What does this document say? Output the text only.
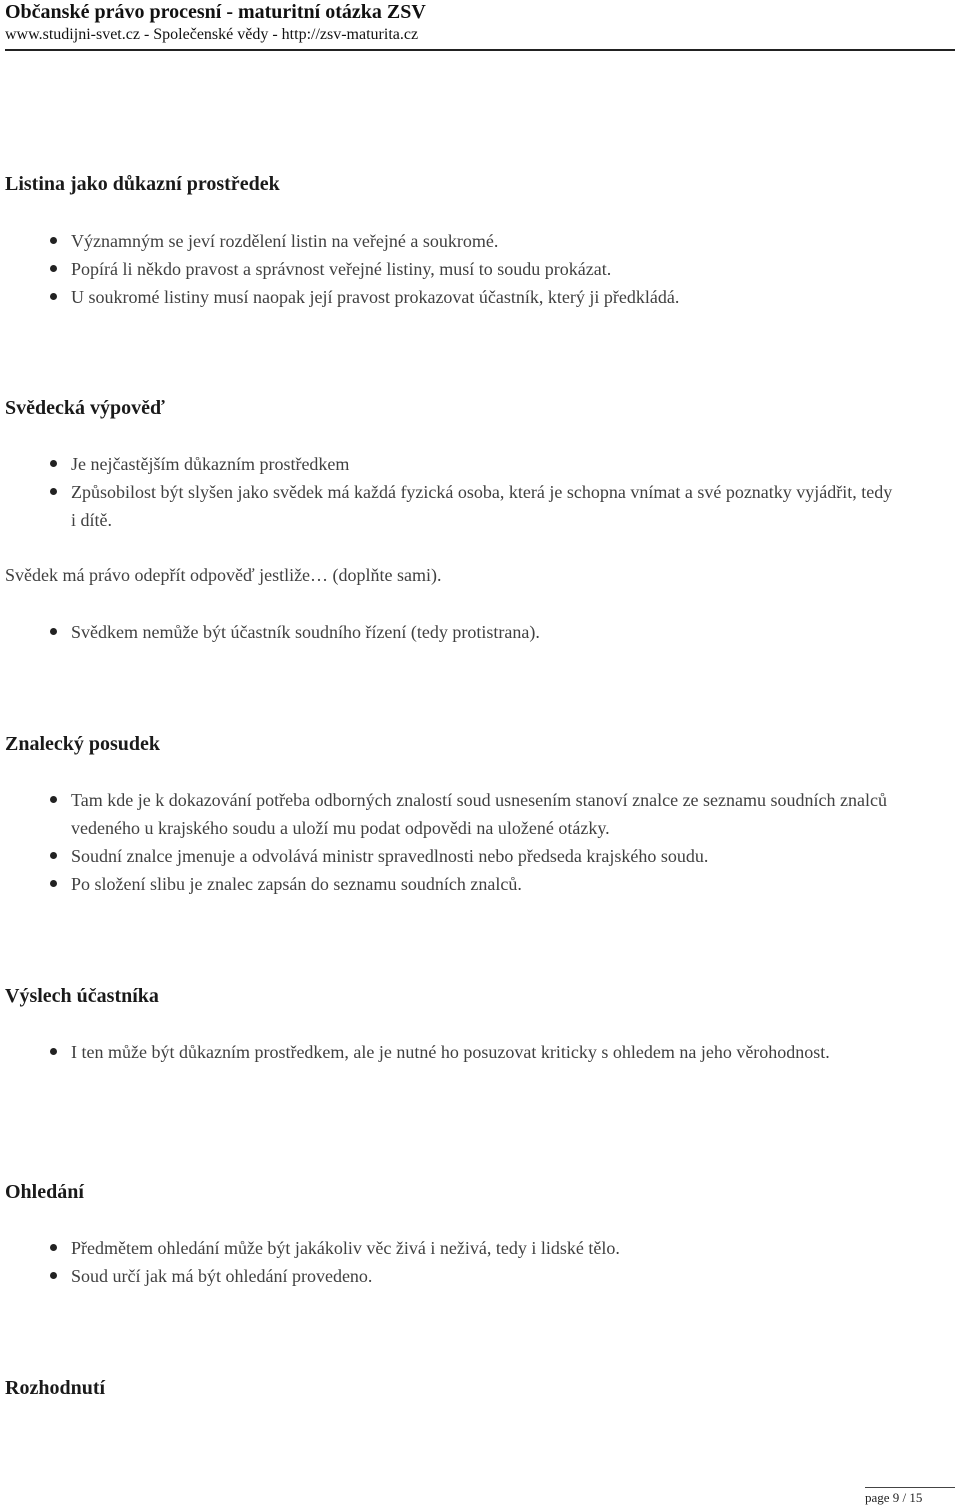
Občanské právo procesní - maturitní otázka ZSV
www.studijni-svet.cz - Společenské vědy - http://zsv-maturita.cz
Listina jako důkazní prostředek
Významným se jeví rozdělení listin na veřejné a soukromé.
Popírá li někdo pravost a správnost veřejné listiny, musí to soudu prokázat.
U soukromé listiny musí naopak její pravost prokazovat účastník, který ji předkládá.
Svědecká výpověď
Je nejčastějším důkazním prostředkem
Způsobilost být slyšen jako svědek má každá fyzická osoba, která je schopna vnímat a své poznatky vyjádřit, tedy i dítě.
Svědek má právo odepřít odpověď jestliže… (doplňte sami).
Svědkem nemůže být účastník soudního řízení (tedy protistrana).
Znalecký posudek
Tam kde je k dokazování potřeba odborných znalostí soud usnesením stanoví znalce ze seznamu soudních znalců vedeného u krajského soudu a uloží mu podat odpovědi na uložené otázky.
Soudní znalce jmenuje a odvolává ministr spravedlnosti nebo předseda krajského soudu.
Po složení slibu je znalec zapsán do seznamu soudních znalců.
Výslech účastníka
I ten může být důkazním prostředkem, ale je nutné ho posuzovat kriticky s ohledem na jeho věrohodnost.
Ohledání
Předmětem ohledání může být jakákoliv věc živá i neživá, tedy i lidské tělo.
Soud určí jak má být ohledání provedeno.
Rozhodnutí
page 9 / 15
